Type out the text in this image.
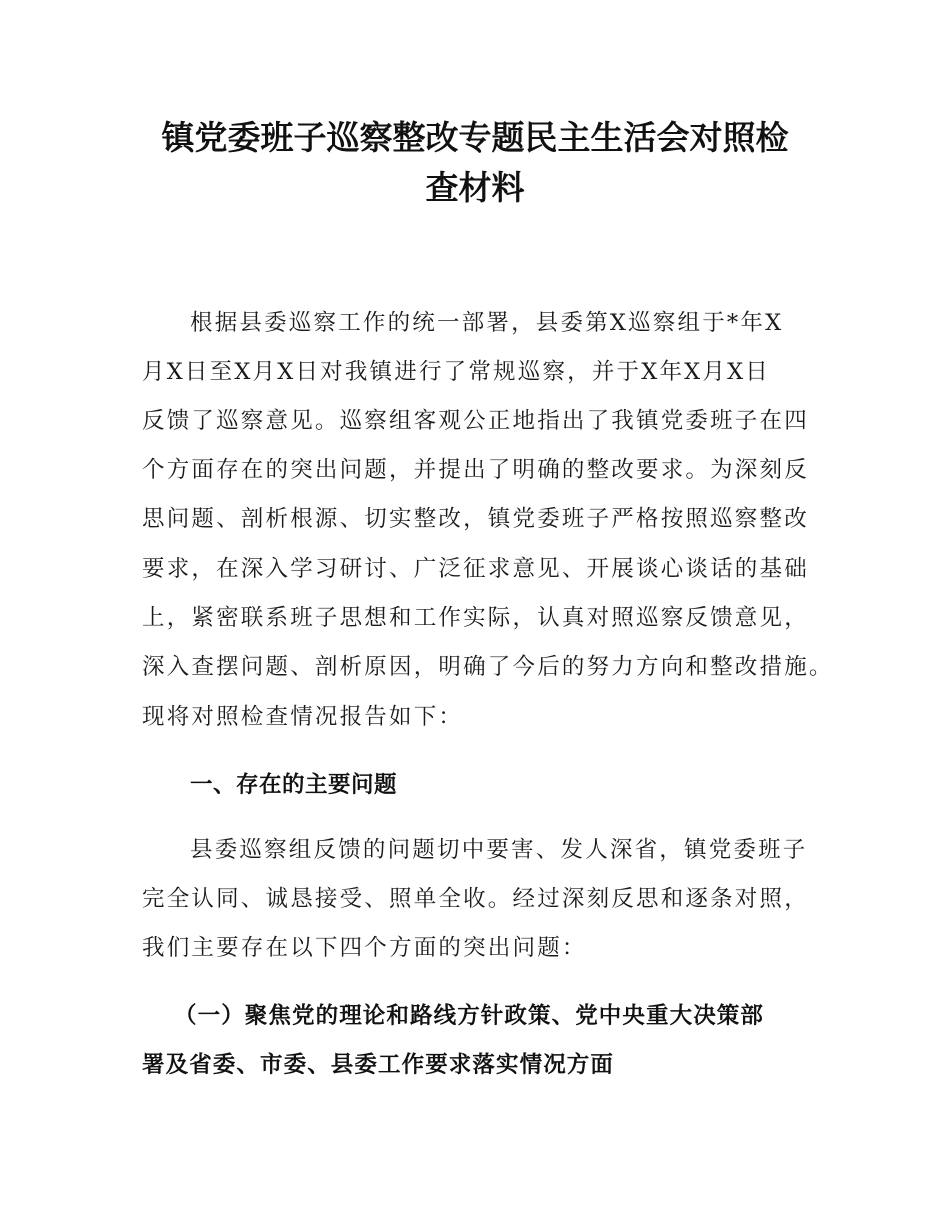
镇党委班子巡察整改专题民主生活会对照检
查材料
根据县委巡察工作的统一部署，县委第X巡察组于*年X
月X日至X月X日对我镇进行了常规巡察，并于X年X月X日
反馈了巡察意见。巡察组客观公正地指出了我镇党委班子在四
个方面存在的突出问题，并提出了明确的整改要求。为深刻反
思问题、剖析根源、切实整改，镇党委班子严格按照巡察整改
要求，在深入学习研讨、广泛征求意见、开展谈心谈话的基础
上，紧密联系班子思想和工作实际，认真对照巡察反馈意见，
深入查摆问题、剖析原因，明确了今后的努力方向和整改措施。
现将对照检查情况报告如下：
一、存在的主要问题
县委巡察组反馈的问题切中要害、发人深省，镇党委班子
完全认同、诚恳接受、照单全收。经过深刻反思和逐条对照，
我们主要存在以下四个方面的突出问题：
（一）聚焦党的理论和路线方针政策、党中央重大决策部
署及省委、市委、县委工作要求落实情况方面
